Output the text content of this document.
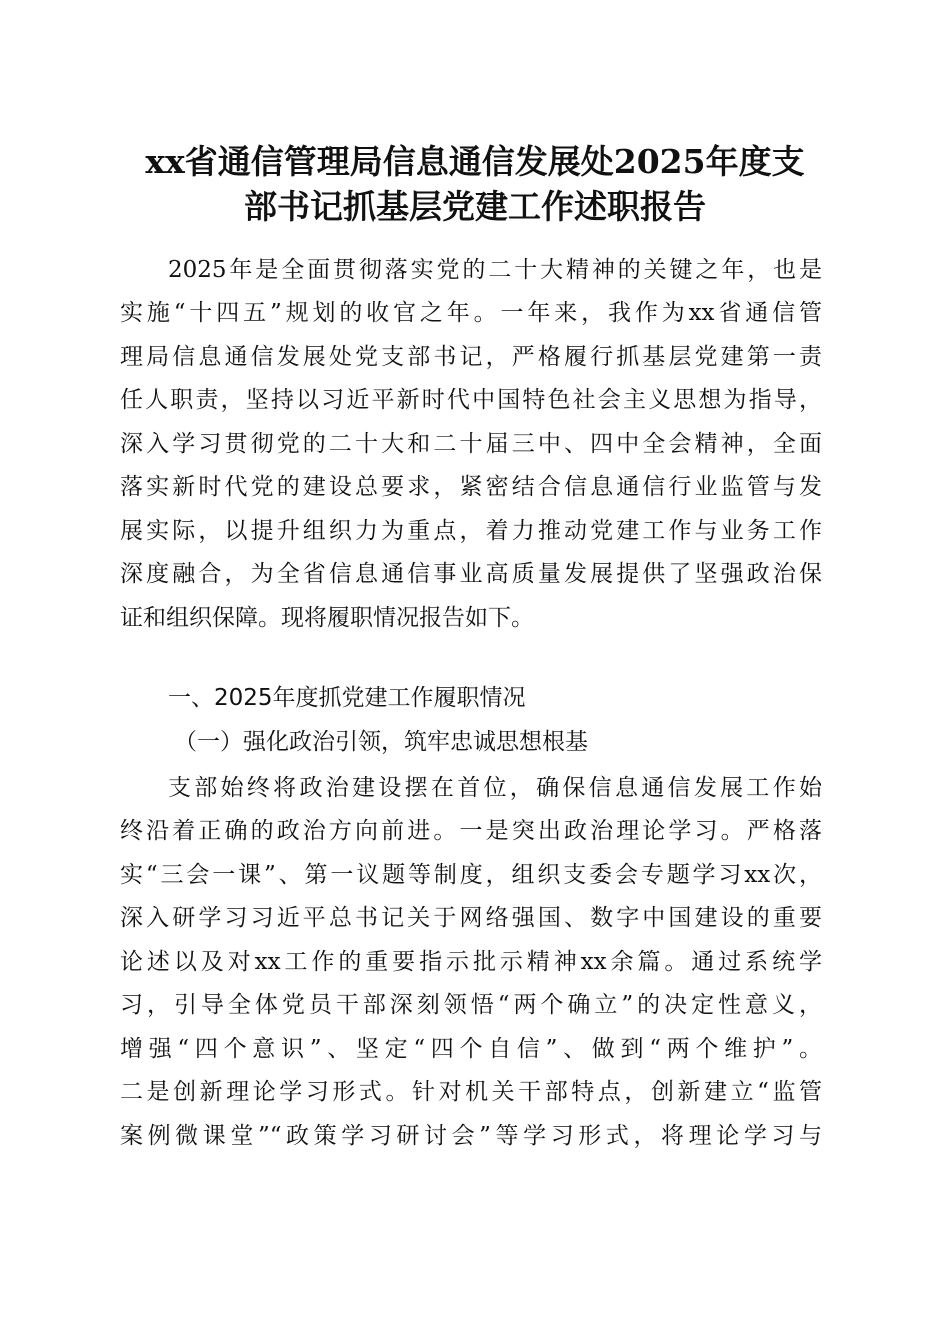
xx省通信管理局信息通信发展处2025年度支
部书记抓基层党建工作述职报告
2025年是全面贯彻落实党的二十大精神的关键之年，也是
实施“十四五”规划的收官之年。一年来，我作为xx省通信管
理局信息通信发展处党支部书记，严格履行抓基层党建第一责
任人职责，坚持以习近平新时代中国特色社会主义思想为指导，
深入学习贯彻党的二十大和二十届三中、四中全会精神，全面
落实新时代党的建设总要求，紧密结合信息通信行业监管与发
展实际，以提升组织力为重点，着力推动党建工作与业务工作
深度融合，为全省信息通信事业高质量发展提供了坚强政治保
证和组织保障。现将履职情况报告如下。
一、2025年度抓党建工作履职情况
（一）强化政治引领，筑牢忠诚思想根基
支部始终将政治建设摆在首位，确保信息通信发展工作始
终沿着正确的政治方向前进。一是突出政治理论学习。严格落
实“三会一课”、第一议题等制度，组织支委会专题学习xx次，
深入研学习习近平总书记关于网络强国、数字中国建设的重要
论述以及对xx工作的重要指示批示精神xx余篇。通过系统学
习，引导全体党员干部深刻领悟“两个确立”的决定性意义，
增强“四个意识”、坚定“四个自信”、做到“两个维护”。
二是创新理论学习形式。针对机关干部特点，创新建立“监管
案例微课堂”“政策学习研讨会”等学习形式，将理论学习与
